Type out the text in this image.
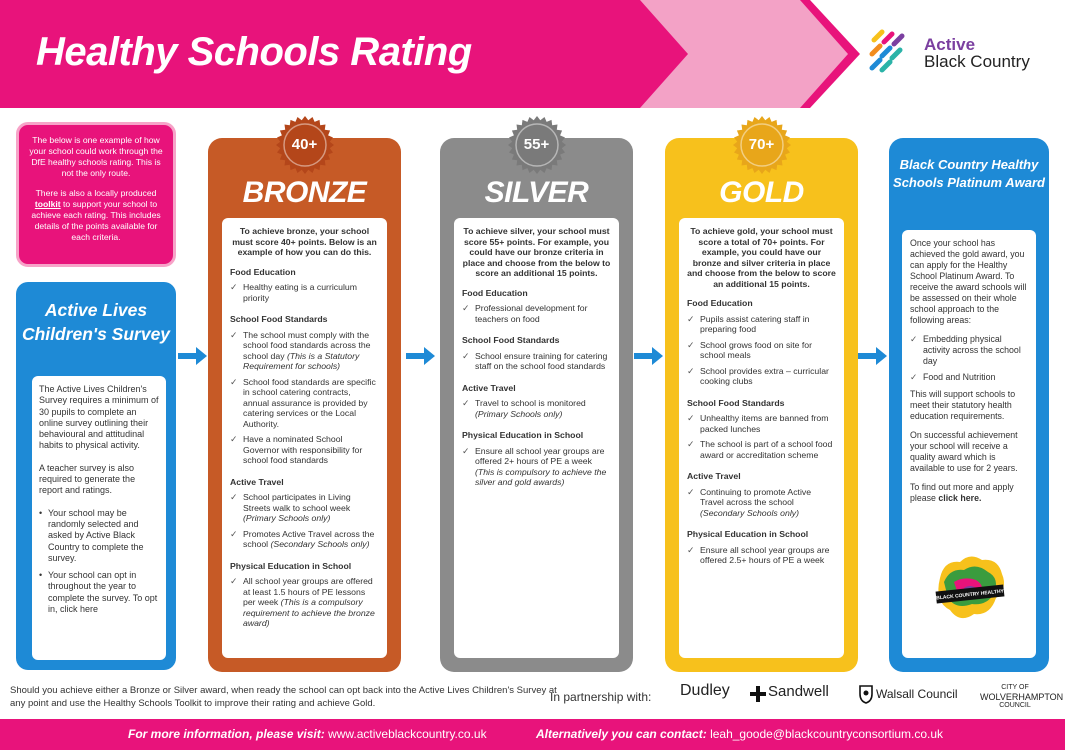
Healthy Schools Rating	Active
Black Country

The below is one example of how your school could work through the DfE healthy schools rating. This is not the only route.

There is also a locally produced toolkit to support your school to achieve each rating. This includes details of the points available for each criteria.

Active Lives Children's Survey

The Active Lives Children's Survey requires a minimum of 30 pupils to complete an online survey outlining their behavioural and attitudinal habits to physical activity.

A teacher survey is also required to generate the report and ratings.

• Your school may be randomly selected and asked by Active Black Country to complete the survey.
• Your school can opt in throughout the year to complete the survey. To opt in, click here
40+
BRONZE
To achieve bronze, your school must score 40+ points. Below is an example of how you can do this.
Food Education
✓ Healthy eating is a curriculum priority
School Food Standards
✓ The school must comply with the school food standards across the school day (This is a Statutory Requirement for schools)
✓ School food standards are specific in school catering contracts, annual assurance is provided by catering services or the Local Authority.
✓ Have a nominated School Governor with responsibility for school food standards
Active Travel
✓ School participates in Living Streets walk to school week (Primary Schools only)
✓ Promotes Active Travel across the school (Secondary Schools only)
Physical Education in School
✓ All school year groups are offered at least 1.5 hours of PE lessons per week (This is a compulsory requirement to achieve the bronze award)
55+
SILVER
To achieve silver, your school must score 55+ points. For example, you could have our bronze criteria in place and choose from the below to score an additional 15 points.
Food Education
✓ Professional development for teachers on food
School Food Standards
✓ School ensure training for catering staff on the school food standards
Active Travel
✓ Travel to school is monitored (Primary Schools only)
Physical Education in School
✓ Ensure all school year groups are offered 2+ hours of PE a week (This is compulsory to achieve the silver and gold awards)
70+
GOLD
To achieve gold, your school must score a total of 70+ points. For example, you could have our bronze and silver criteria in place and choose from the below to score an additional 15 points.
Food Education
✓ Pupils assist catering staff in preparing food
✓ School grows food on site for school meals
✓ School provides extra – curricular cooking clubs
School Food Standards
✓ Unhealthy items are banned from packed lunches
✓ The school is part of a school food award or accreditation scheme
Active Travel
✓ Continuing to promote Active Travel across the school (Secondary Schools only)
Physical Education in School
✓ Ensure all school year groups are offered 2.5+ hours of PE a week
Black Country Healthy Schools Platinum Award

Once your school has achieved the gold award, you can apply for the Healthy School Platinum Award. To receive the award schools will be assessed on their whole school approach to the following areas:

✓ Embedding physical activity across the school day
✓ Food and Nutrition

This will support schools to meet their statutory health education requirements.

On successful achievement your school will receive a quality award which is available to use for 2 years.

To find out more and apply please click here.

BLACK COUNTRY HEALTHY
Should you achieve either a Bronze or Silver award, when ready the school can opt back into the Active Lives Children's Survey at any point and use the Healthy Schools Toolkit to improve their rating and achieve Gold.	In partnership with: Dudley	Sandwell	Walsall Council	CITY OF
WOLVERHAMPTON
COUNCIL
For more information, please visit: www.activeblackcountry.co.uk	Alternatively you can contact: leah_goode@blackcountryconsortium.co.uk
